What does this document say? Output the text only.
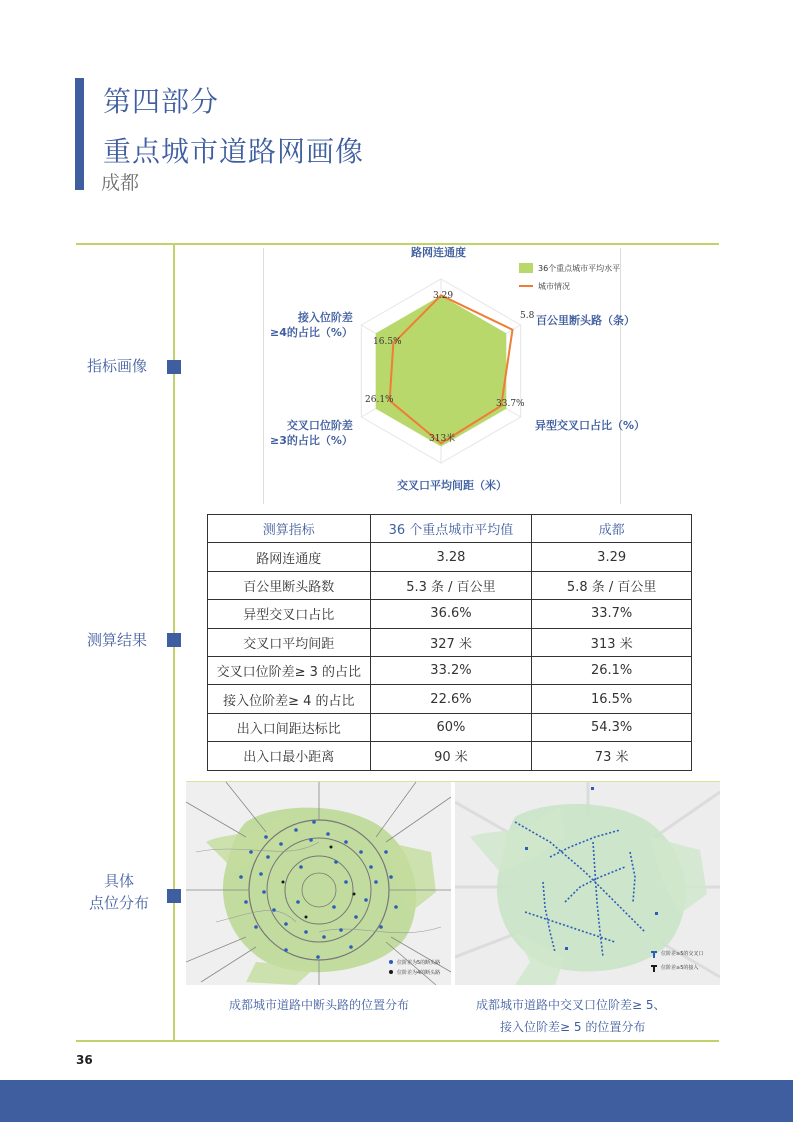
第四部分
重点城市道路网画像
成都
指标画像
测算结果
具体
点位分布
路网连通度
百公里断头路（条）
异型交叉口占比（%）
交叉口平均间距（米）
交叉口位阶差
≥3的占比（%）
接入位阶差
≥4的占比（%）
3.29
5.8
33.7%
313米
26.1%
16.5%
36个重点城市平均水平
城市情况
测算指标	36 个重点城市平均值	成都
路网连通度	3.28	3.29
百公里断头路数	5.3 条 / 百公里	5.8 条 / 百公里
异型交叉口占比	36.6%	33.7%
交叉口平均间距	327 米	313 米
交叉口位阶差≥ 3 的占比	33.2%	26.1%
接入位阶差≥ 4 的占比	22.6%	16.5%
出入口间距达标比	60%	54.3%
出入口最小距离	90 米	73 米
位阶差为5的断头路
位阶差为4的断头路
位阶差≥5的交叉口
位阶差≥5的接入
成都城市道路中断头路的位置分布	成都城市道路中交叉口位阶差≥ 5、
接入位阶差≥ 5 的位置分布
36
